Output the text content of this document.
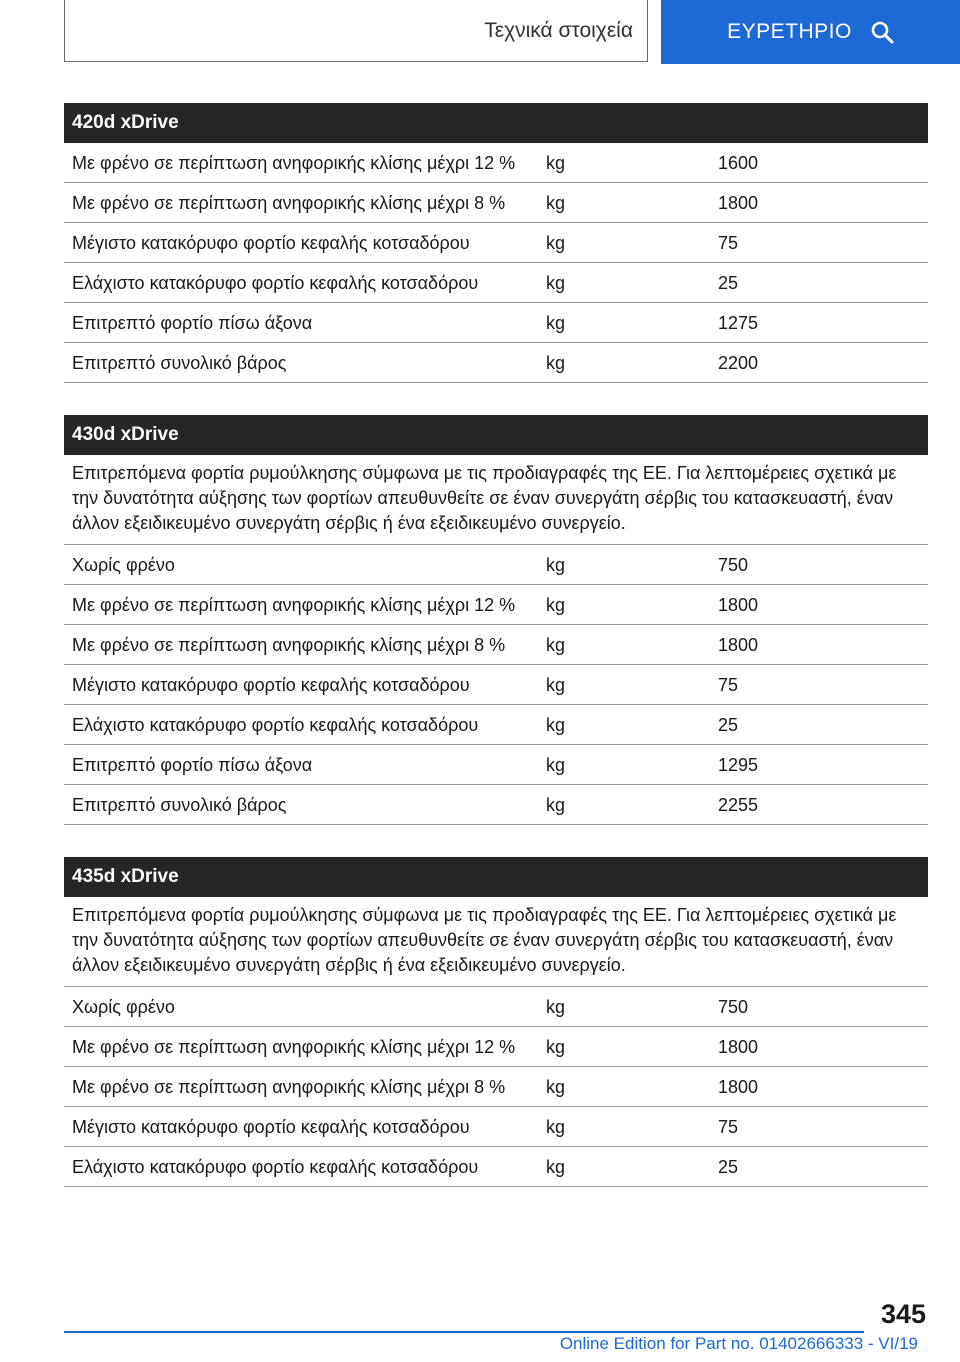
Τεχνικά στοιχεία	ΕΥΡΕΤΗΡΙΟ
420d xDrive
Με φρένο σε περίπτωση ανηφορικής κλίσης μέχρι 12 %	kg	1600
Με φρένο σε περίπτωση ανηφορικής κλίσης μέχρι 8 %	kg	1800
Μέγιστο κατακόρυφο φορτίο κεφαλής κοτσαδόρου	kg	75
Ελάχιστο κατακόρυφο φορτίο κεφαλής κοτσαδόρου	kg	25
Επιτρεπτό φορτίο πίσω άξονα	kg	1275
Επιτρεπτό συνολικό βάρος	kg	2200
430d xDrive
Επιτρεπόμενα φορτία ρυμούλκησης σύμφωνα με τις προδιαγραφές της ΕΕ. Για λεπτομέρειες σχετικά με την δυνατότητα αύξησης των φορτίων απευθυνθείτε σε έναν συνεργάτη σέρβις του κατασκευαστή, έναν άλλον εξειδικευμένο συνεργάτη σέρβις ή ένα εξειδικευμένο συνεργείο.
Χωρίς φρένο	kg	750
Με φρένο σε περίπτωση ανηφορικής κλίσης μέχρι 12 %	kg	1800
Με φρένο σε περίπτωση ανηφορικής κλίσης μέχρι 8 %	kg	1800
Μέγιστο κατακόρυφο φορτίο κεφαλής κοτσαδόρου	kg	75
Ελάχιστο κατακόρυφο φορτίο κεφαλής κοτσαδόρου	kg	25
Επιτρεπτό φορτίο πίσω άξονα	kg	1295
Επιτρεπτό συνολικό βάρος	kg	2255
435d xDrive
Επιτρεπόμενα φορτία ρυμούλκησης σύμφωνα με τις προδιαγραφές της ΕΕ. Για λεπτομέρειες σχετικά με την δυνατότητα αύξησης των φορτίων απευθυνθείτε σε έναν συνεργάτη σέρβις του κατασκευαστή, έναν άλλον εξειδικευμένο συνεργάτη σέρβις ή ένα εξειδικευμένο συνεργείο.
Χωρίς φρένο	kg	750
Με φρένο σε περίπτωση ανηφορικής κλίσης μέχρι 12 %	kg	1800
Με φρένο σε περίπτωση ανηφορικής κλίσης μέχρι 8 %	kg	1800
Μέγιστο κατακόρυφο φορτίο κεφαλής κοτσαδόρου	kg	75
Ελάχιστο κατακόρυφο φορτίο κεφαλής κοτσαδόρου	kg	25
345
Online Edition for Part no. 01402666333 - VI/19
